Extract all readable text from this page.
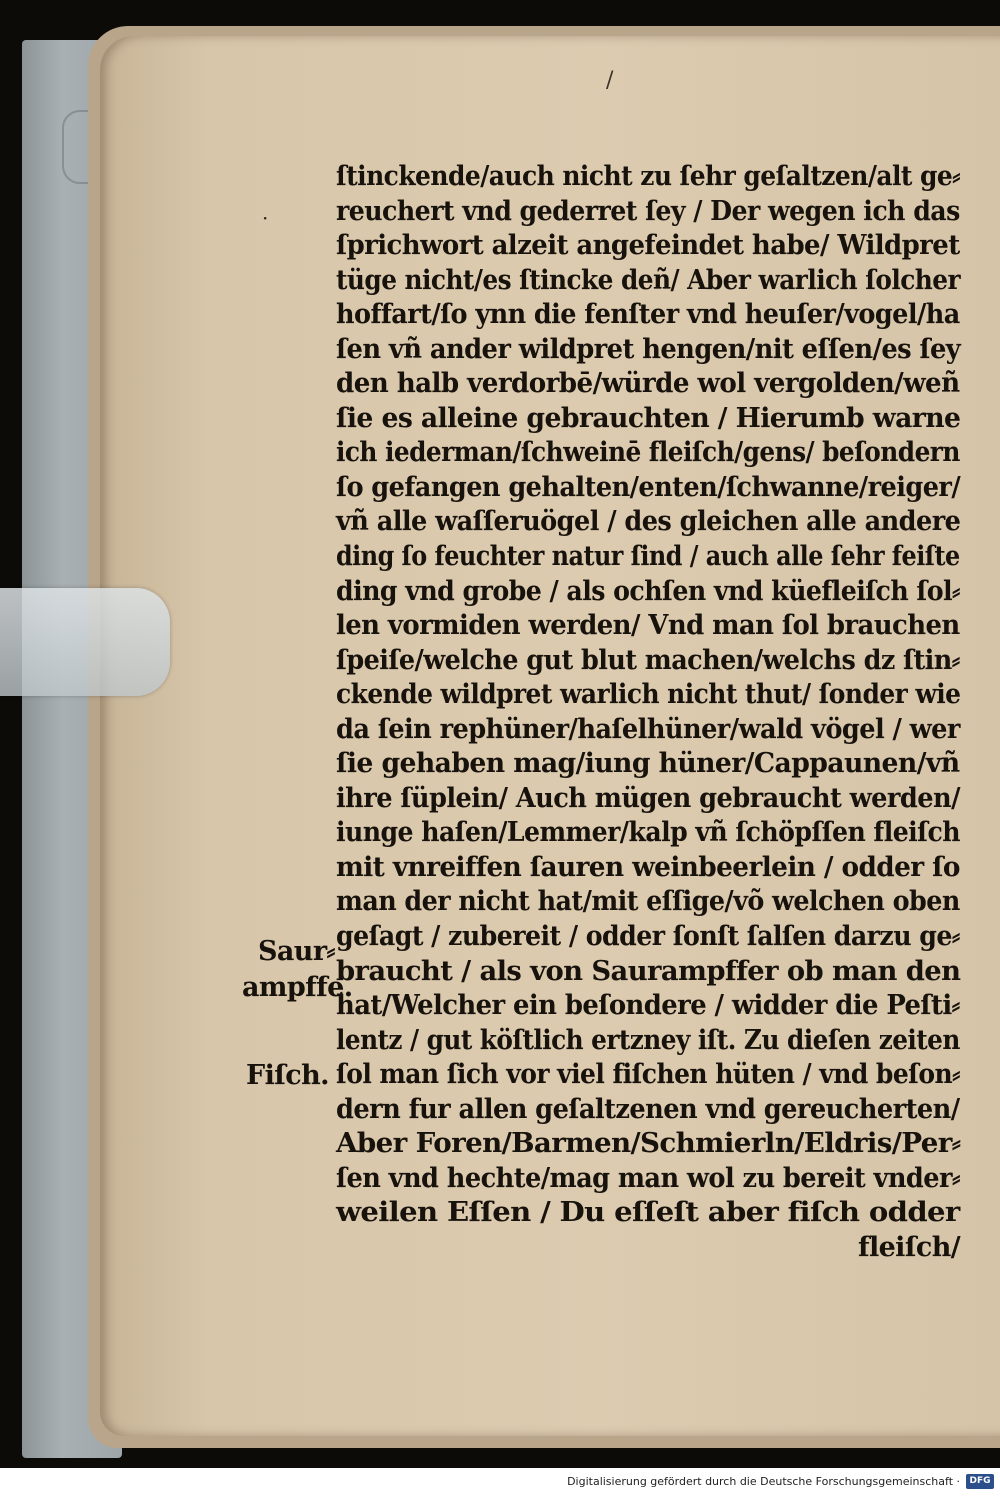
/
·
ſtinckende/auch nicht zu ſehr geſaltzen/alt ge⸗
reuchert vnd gederret ſey / Der wegen ich das
ſprichwort alzeit angefeindet habe/ Wildpret
tüge nicht/es ſtincke deñ/ Aber warlich ſolcher
hoffart/ſo ynn die fenſter vnd heuſer/vogel/ha
ſen vñ ander wildpret hengen/nit eſſen/es ſey
den halb verdorbē/würde wol vergolden/weñ
ſie es alleine gebrauchten / Hierumb warne
ich iederman/ſchweinē fleiſch/gens/ beſondern
ſo gefangen gehalten/enten/ſchwanne/reiger/
vñ alle waſſeruögel / des gleichen alle andere
ding ſo feuchter natur ſind / auch alle ſehr feiſte
ding vnd grobe / als ochſen vnd küefleiſch ſol⸗
len vormiden werden/ Vnd man ſol brauchen
ſpeiſe/welche gut blut machen/welchs dz ſtin⸗
ckende wildpret warlich nicht thut/ ſonder wie
da ſein rephüner/haſelhüner/wald vögel / wer
ſie gehaben mag/iung hüner/Cappaunen/vñ
ihre ſüplein/ Auch mügen gebraucht werden/
iunge haſen/Lemmer/kalp vñ ſchöpſſen fleiſch
mit vnreiffen ſauren weinbeerlein / odder ſo
man der nicht hat/mit eſſige/võ welchen oben
geſagt / zubereit / odder ſonſt ſalſen darzu ge⸗
braucht / als von Saurampffer ob man den
hat/Welcher ein beſondere / widder die Peſti⸗
lentz / gut köſtlich ertzney iſt. Zu dieſen zeiten
ſol man ſich vor viel fiſchen hüten / vnd beſon⸗
dern fur allen geſaltzenen vnd gereucherten/
Aber Foren/Barmen/Schmierln/Eldris/Per⸗
ſen vnd hechte/mag man wol zu bereit vnder⸗
weilen Eſſen / Du eſſeſt aber fiſch odder
fleiſch/
Saur⸗
ampffe.
Fiſch.
Digitalisierung gefördert durch die Deutsche Forschungsgemeinschaft ·	DFG
